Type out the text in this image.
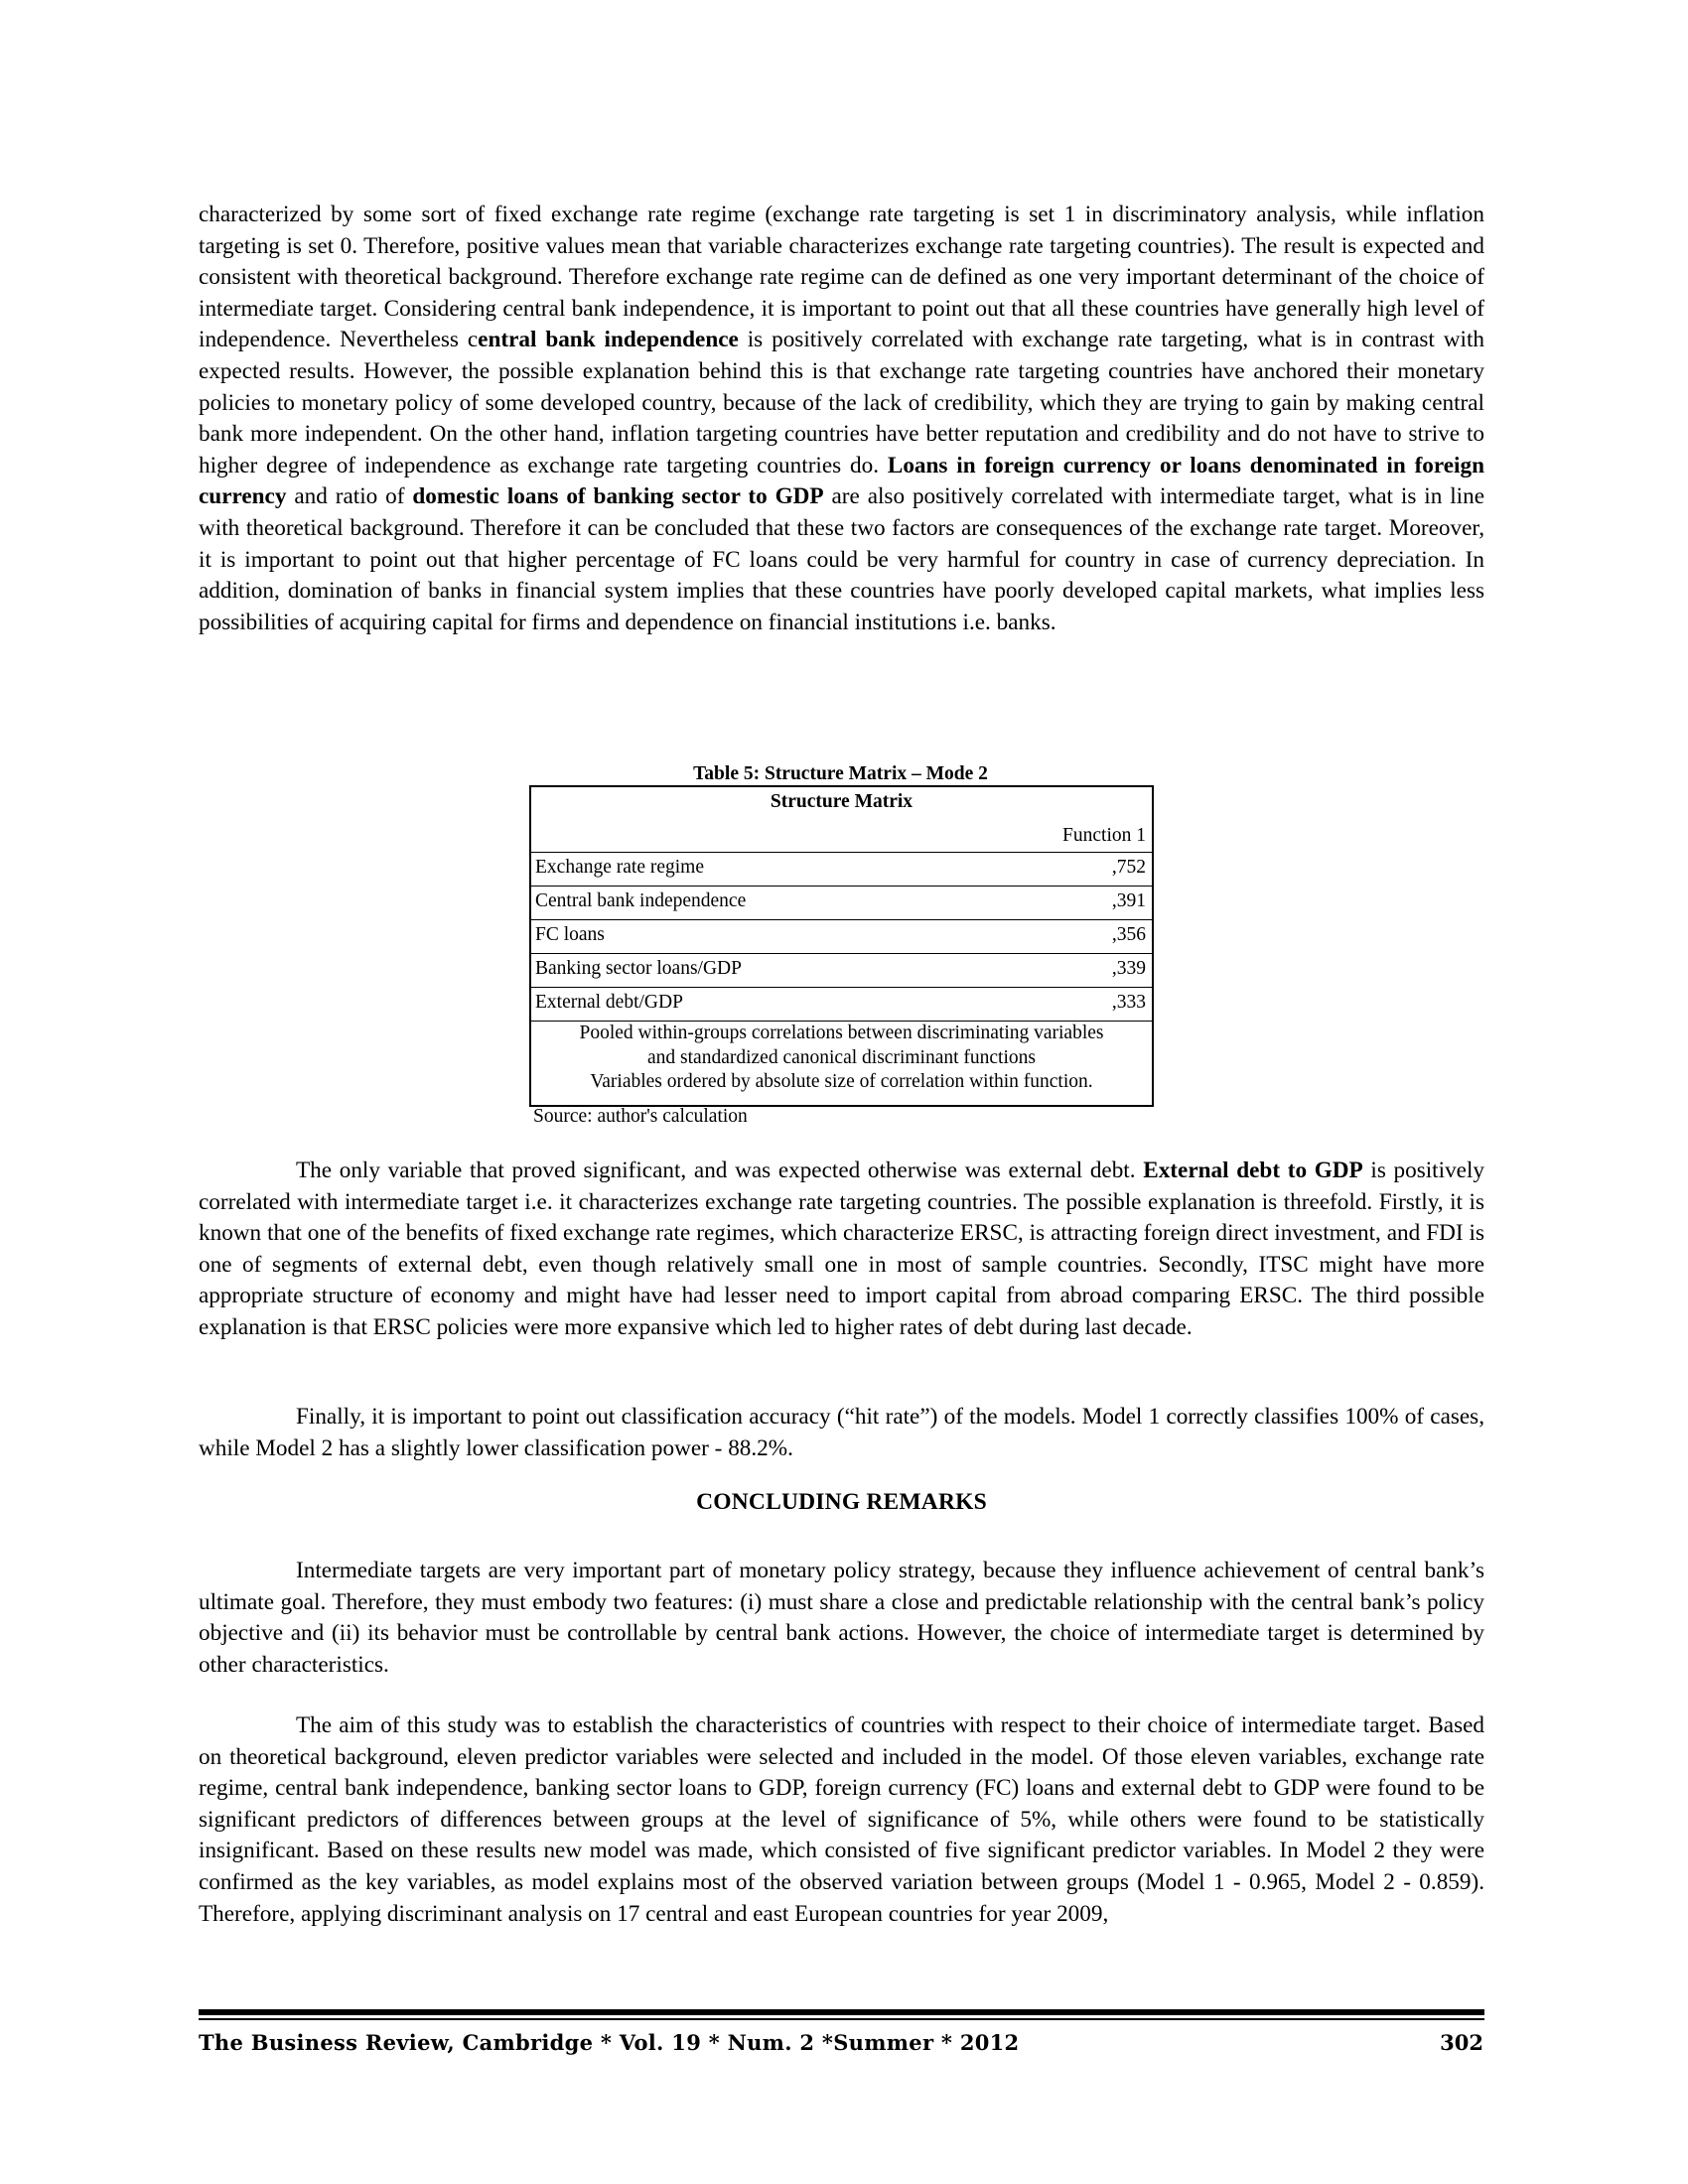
characterized by some sort of fixed exchange rate regime (exchange rate targeting is set 1 in discriminatory analysis, while inflation targeting is set 0. Therefore, positive values mean that variable characterizes exchange rate targeting countries). The result is expected and consistent with theoretical background. Therefore exchange rate regime can de defined as one very important determinant of the choice of intermediate target. Considering central bank independence, it is important to point out that all these countries have generally high level of independence. Nevertheless central bank independence is positively correlated with exchange rate targeting, what is in contrast with expected results. However, the possible explanation behind this is that exchange rate targeting countries have anchored their monetary policies to monetary policy of some developed country, because of the lack of credibility, which they are trying to gain by making central bank more independent. On the other hand, inflation targeting countries have better reputation and credibility and do not have to strive to higher degree of independence as exchange rate targeting countries do. Loans in foreign currency or loans denominated in foreign currency and ratio of domestic loans of banking sector to GDP are also positively correlated with intermediate target, what is in line with theoretical background. Therefore it can be concluded that these two factors are consequences of the exchange rate target. Moreover, it is important to point out that higher percentage of FC loans could be very harmful for country in case of currency depreciation. In addition, domination of banks in financial system implies that these countries have poorly developed capital markets, what implies less possibilities of acquiring capital for firms and dependence on financial institutions i.e. banks.

Table 5: Structure Matrix – Mode 2
Structure Matrix
Function 1
Exchange rate regime	,752
Central bank independence	,391
FC loans	,356
Banking sector loans/GDP	,339
External debt/GDP	,333
Pooled within-groups correlations between discriminating variables
and standardized canonical discriminant functions
Variables ordered by absolute size of correlation within function.
Source: author's calculation

The only variable that proved significant, and was expected otherwise was external debt. External debt to GDP is positively correlated with intermediate target i.e. it characterizes exchange rate targeting countries. The possible explanation is threefold. Firstly, it is known that one of the benefits of fixed exchange rate regimes, which characterize ERSC, is attracting foreign direct investment, and FDI is one of segments of external debt, even though relatively small one in most of sample countries. Secondly, ITSC might have more appropriate structure of economy and might have had lesser need to import capital from abroad comparing ERSC. The third possible explanation is that ERSC policies were more expansive which led to higher rates of debt during last decade.

Finally, it is important to point out classification accuracy (“hit rate”) of the models. Model 1 correctly classifies 100% of cases, while Model 2 has a slightly lower classification power - 88.2%.

CONCLUDING REMARKS

Intermediate targets are very important part of monetary policy strategy, because they influence achievement of central bank’s ultimate goal. Therefore, they must embody two features: (i) must share a close and predictable relationship with the central bank’s policy objective and (ii) its behavior must be controllable by central bank actions. However, the choice of intermediate target is determined by other characteristics.

The aim of this study was to establish the characteristics of countries with respect to their choice of intermediate target. Based on theoretical background, eleven predictor variables were selected and included in the model. Of those eleven variables, exchange rate regime, central bank independence, banking sector loans to GDP, foreign currency (FC) loans and external debt to GDP were found to be significant predictors of differences between groups at the level of significance of 5%, while others were found to be statistically insignificant. Based on these results new model was made, which consisted of five significant predictor variables. In Model 2 they were confirmed as the key variables, as model explains most of the observed variation between groups (Model 1 - 0.965, Model 2 - 0.859). Therefore, applying discriminant analysis on 17 central and east European countries for year 2009,

The Business Review, Cambridge * Vol. 19 * Num. 2 *Summer * 2012	302
